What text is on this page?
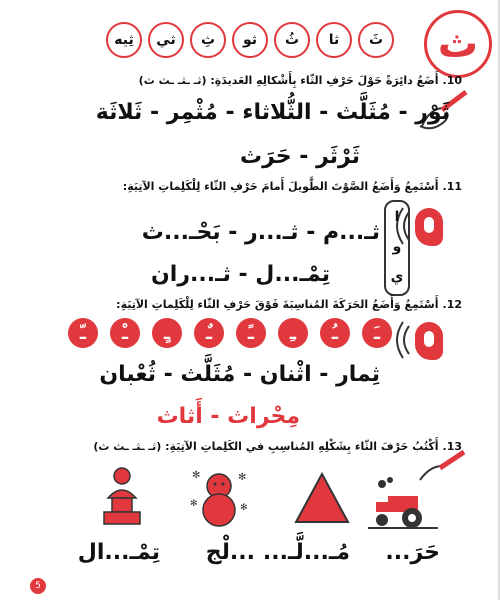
ث
ثَ
ثا
ثُ
ثو
ثِ
ثي
ثِيه
10.أَضَعُ دائِرَةً حَوْلَ حَرْفِ الثّاء بِأَشْكالِهِ العَديدَةِ: (ثـ ـثـ ـث ث)
ثَوْر - مُثَلَّث - الثُّلاثاء - مُثْمِر - ثَلاثَة
ثَرْثَر - حَرَث
11.أَسْتَمِعُ وَأَضَعُ الصَّوْتَ الطَّويلَ أَمامَ حَرْفِ الثّاء لِلْكَلِماتِ الآتِيَةِ:
ا
و
ي
ثـ...م - ثـ...ر - بَحْـ...ث
تِمْـ...ل - ثـ...ران
12.أَسْتَمِعُ وَأَضَعُ الحَرَكَةَ المُناسِبَةَ فَوْقَ حَرْفِ الثّاء لِلْكَلِماتِ الآتِيَةِ:
ـَ
ـُ
ـِ
ـً
ـٌ
ـٍ
ـْ
ـّ
ثِمار - اثْنان - مُثَلَّث - ثُعْبان
مِحْراث - أَثاث
13.أَكْتُبُ حَرْفَ الثّاء بِشَكْلِهِ المُناسِبِ في الكَلِماتِ الآتِيَةِ: (ثـ ـثـ ـث ث)
✻	✻
✻	✻
حَرَ...
مُـ...لَّـ...
...لْج
تِمْـ...ال
5
